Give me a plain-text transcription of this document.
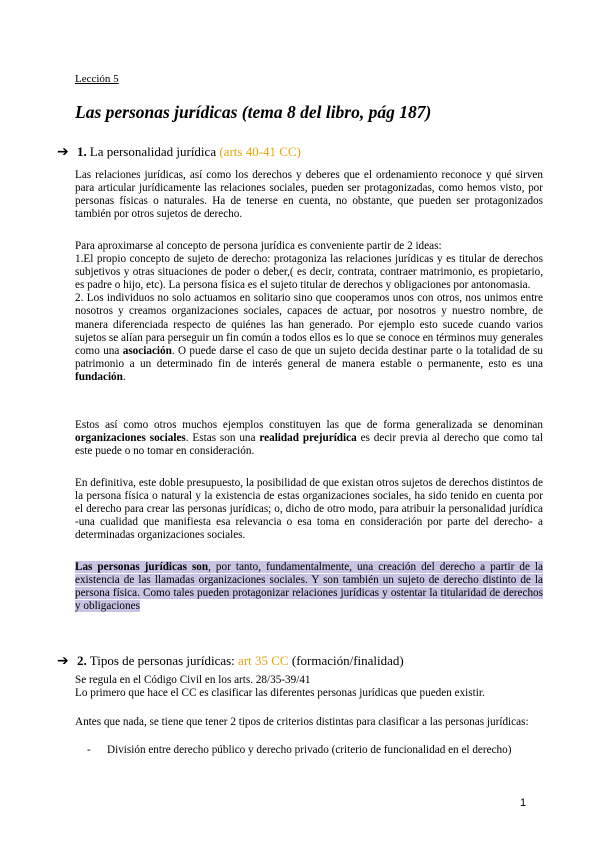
Lección 5
Las personas jurídicas (tema 8 del libro, pág 187)
➔ 1. La personalidad jurídica
(arts 40-41 CC)

Las relaciones jurídicas, así como los derechos y deberes que el ordenamiento reconoce y qué sirven para articular jurídicamente las relaciones sociales, pueden ser protagonizadas, como hemos visto, por personas físicas o naturales. Ha de tenerse en cuenta, no obstante, que pueden ser protagonizados también por otros sujetos de derecho.

Para aproximarse al concepto de persona jurídica es conveniente partir de 2 ideas:
1.El propio concepto de sujeto de derecho: protagoniza las relaciones jurídicas y es titular de derechos subjetivos y otras situaciones de poder o deber,( es decir, contrata, contraer matrimonio, es propietario, es padre o hijo, etc). La persona física es el sujeto titular de derechos y obligaciones por antonomasia.
2. Los individuos no solo actuamos en solitario sino que cooperamos unos con otros, nos unimos entre nosotros y creamos organizaciones sociales, capaces de actuar, por nosotros y nuestro nombre, de manera diferenciada respecto de quiénes las han generado. Por ejemplo esto sucede cuando varios sujetos se alían para perseguir un fin común a todos ellos es lo que se conoce en términos muy generales como una asociación. O puede darse el caso de que un sujeto decida destinar parte o la totalidad de su patrimonio a un determinado fin de interés general de manera estable o permanente, esto es una fundación.

Estos así como otros muchos ejemplos constituyen las que de forma generalizada se denominan organizaciones sociales. Estas son una realidad prejurídica es decir previa al derecho que como tal este puede o no tomar en consideración.

En definitiva, este doble presupuesto, la posibilidad de que existan otros sujetos de derechos distintos de la persona física o natural y la existencia de estas organizaciones sociales, ha sido tenido en cuenta por el derecho para crear las personas jurídicas; o, dicho de otro modo, para atribuir la personalidad jurídica -una cualidad que manifiesta esa relevancia o esa toma en consideración por parte del derecho- a determinadas organizaciones sociales.

Las personas jurídicas son, por tanto, fundamentalmente, una creación del derecho a partir de la existencia de las llamadas organizaciones sociales. Y son también un sujeto de derecho distinto de la persona física. Como tales pueden protagonizar relaciones jurídicas y ostentar la titularidad de derechos y obligaciones

➔ 2. Tipos de personas jurídicas:
art 35 CC
(formación/finalidad)

Se regula en el Código Civil en los arts. 28/35-39/41
Lo primero que hace el CC es clasificar las diferentes personas jurídicas que pueden existir.

Antes que nada, se tiene que tener 2 tipos de criterios distintas para clasificar a las personas jurídicas:

-	División entre derecho público y derecho privado (criterio de funcionalidad en el derecho)
1
